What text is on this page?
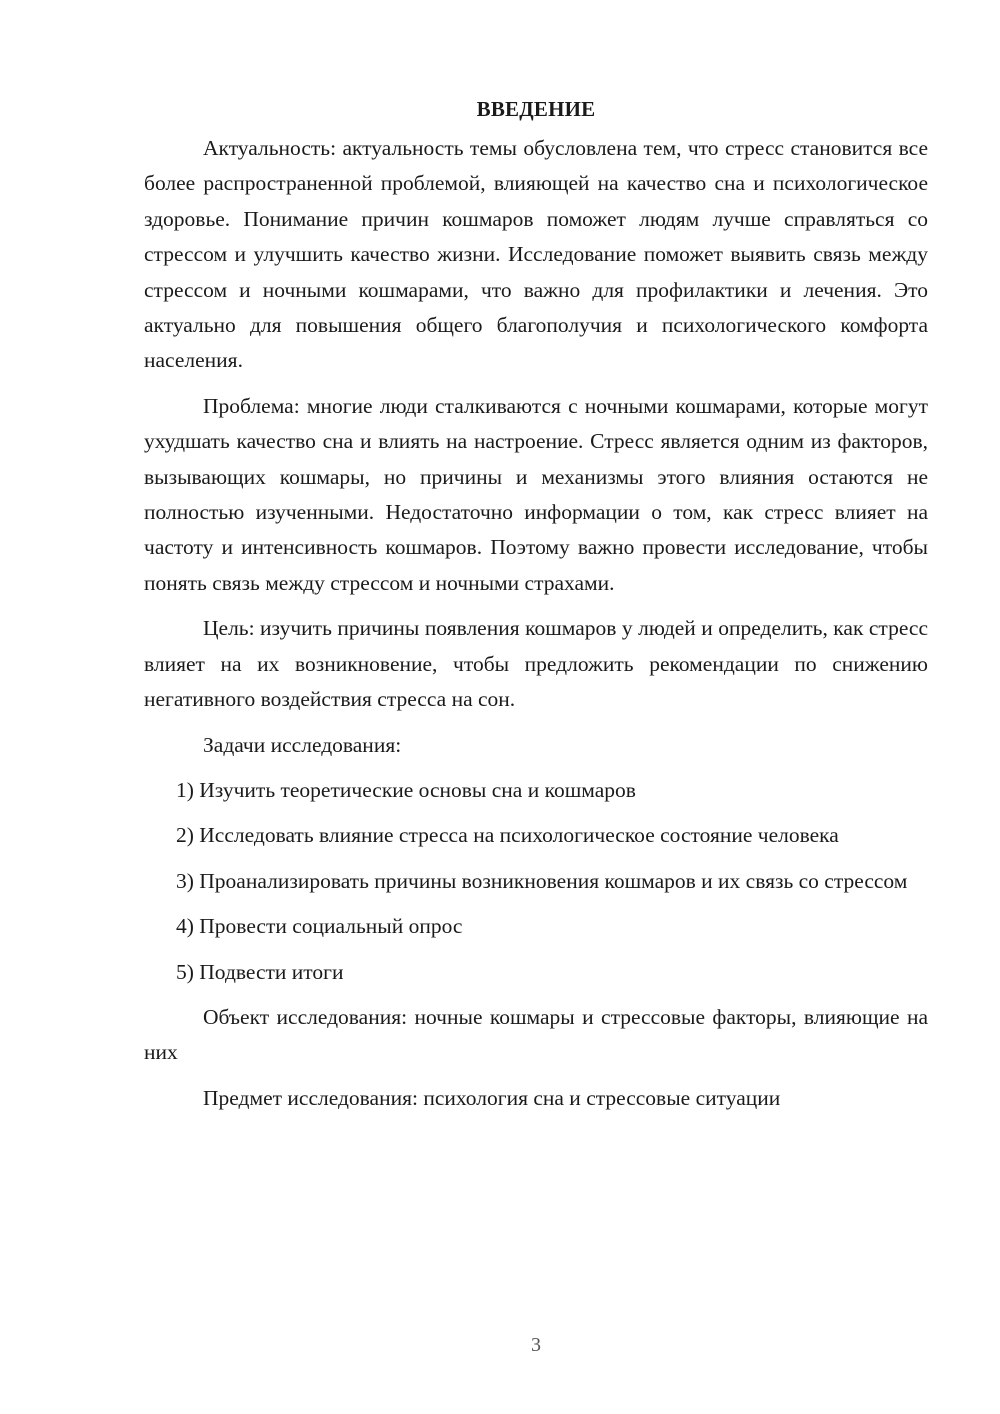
ВВЕДЕНИЕ

Актуальность: актуальность темы обусловлена тем, что стресс становится все более распространенной проблемой, влияющей на качество сна и психологическое здоровье. Понимание причин кошмаров поможет людям лучше справляться со стрессом и улучшить качество жизни. Исследование поможет выявить связь между стрессом и ночными кошмарами, что важно для профилактики и лечения. Это актуально для повышения общего благополучия и психологического комфорта населения.

Проблема: многие люди сталкиваются с ночными кошмарами, которые могут ухудшать качество сна и влиять на настроение. Стресс является одним из факторов, вызывающих кошмары, но причины и механизмы этого влияния остаются не полностью изученными. Недостаточно информации о том, как стресс влияет на частоту и интенсивность кошмаров. Поэтому важно провести исследование, чтобы понять связь между стрессом и ночными страхами.

Цель: изучить причины появления кошмаров у людей и определить, как стресс влияет на их возникновение, чтобы предложить рекомендации по снижению негативного воздействия стресса на сон.

Задачи исследования:

1) Изучить теоретические основы сна и кошмаров

2) Исследовать влияние стресса на психологическое состояние человека

3) Проанализировать причины возникновения кошмаров и их связь со стрессом

4) Провести социальный опрос

5) Подвести итоги

Объект исследования: ночные кошмары и стрессовые факторы, влияющие на них

Предмет исследования: психология сна и стрессовые ситуации

3
